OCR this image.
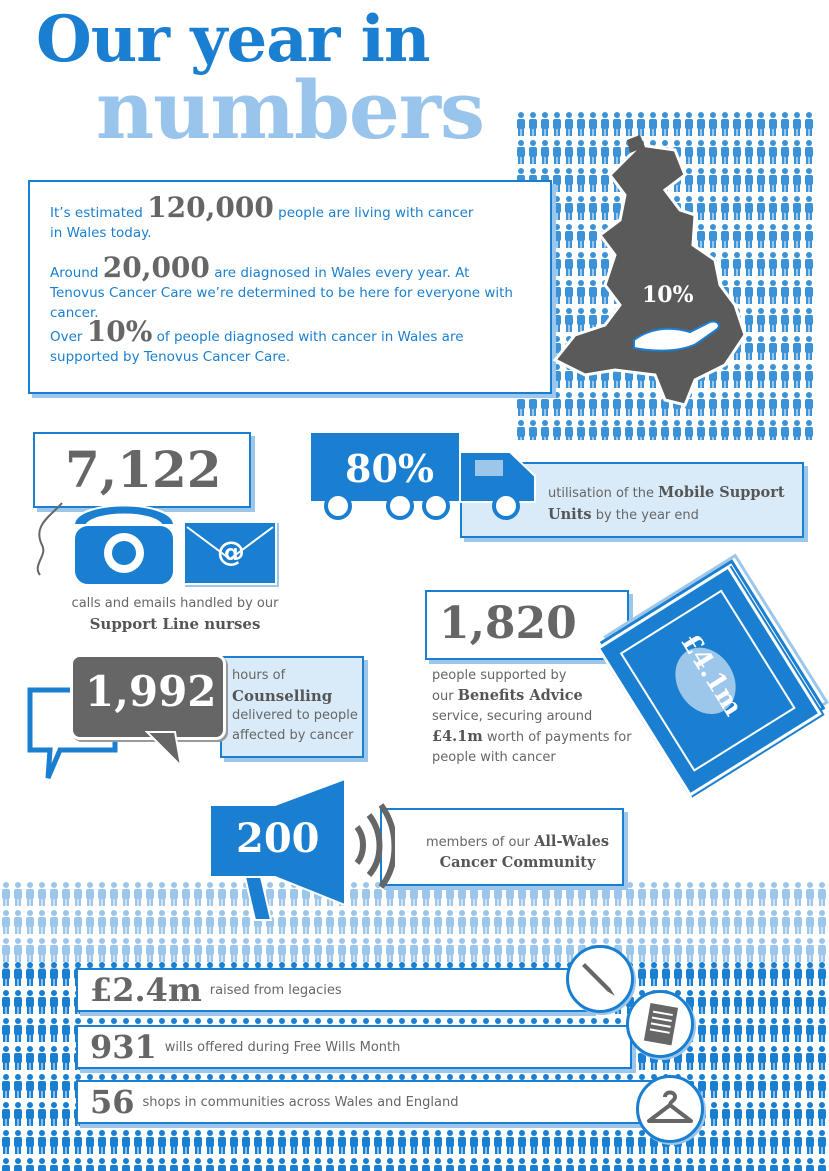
Our year in
numbers
It’s estimated 120,000 people are living with cancer in Wales today.
Around 20,000 are diagnosed in Wales every year. At Tenovus Cancer Care we’re determined to be here for everyone with cancer.
Over 10% of people diagnosed with cancer in Wales are supported by Tenovus Cancer Care.
10%
7,122
@
calls and emails handled by our
Support Line nurses
80%
utilisation of the Mobile Support Units by the year end
1,820
people supported by
our Benefits Advice
service, securing around
£4.1m worth of payments for
people with cancer
£4.1m
1,992 hours of
Counselling
delivered to people
affected by cancer
200	members of our All-Wales
Cancer Community
£2.4m raised from legacies
931 wills offered during Free Wills Month
56 shops in communities across Wales and England
